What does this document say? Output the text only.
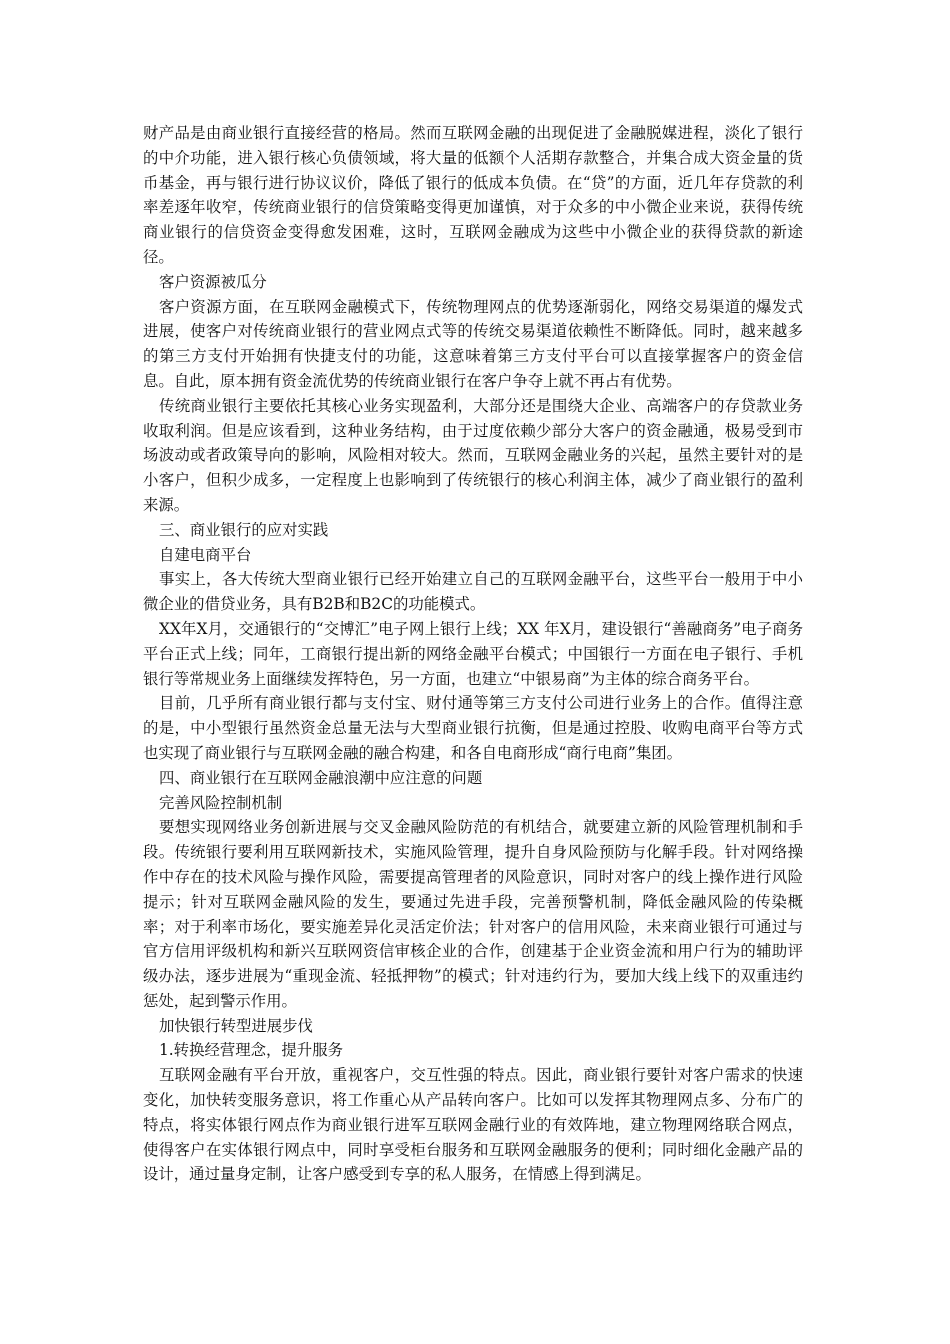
财产品是由商业银行直接经营的格局。然而互联网金融的出现促进了金融脱媒进程，淡化了银行的中介功能，进入银行核心负债领域，将大量的低额个人活期存款整合，并集合成大资金量的货币基金，再与银行进行协议议价，降低了银行的低成本负债。在“贷”的方面，近几年存贷款的利率差逐年收窄，传统商业银行的信贷策略变得更加谨慎，对于众多的中小微企业来说，获得传统商业银行的信贷资金变得愈发困难，这时，互联网金融成为这些中小微企业的获得贷款的新途径。

客户资源被瓜分

客户资源方面，在互联网金融模式下，传统物理网点的优势逐渐弱化，网络交易渠道的爆发式进展，使客户对传统商业银行的营业网点式等的传统交易渠道依赖性不断降低。同时，越来越多的第三方支付开始拥有快捷支付的功能，这意味着第三方支付平台可以直接掌握客户的资金信息。自此，原本拥有资金流优势的传统商业银行在客户争夺上就不再占有优势。

传统商业银行主要依托其核心业务实现盈利，大部分还是围绕大企业、高端客户的存贷款业务收取利润。但是应该看到，这种业务结构，由于过度依赖少部分大客户的资金融通，极易受到市场波动或者政策导向的影响，风险相对较大。然而，互联网金融业务的兴起，虽然主要针对的是小客户，但积少成多，一定程度上也影响到了传统银行的核心利润主体，减少了商业银行的盈利来源。

三、商业银行的应对实践

自建电商平台

事实上，各大传统大型商业银行已经开始建立自己的互联网金融平台，这些平台一般用于中小微企业的借贷业务，具有B2B和B2C的功能模式。

XX年X月，交通银行的“交博汇”电子网上银行上线；XX 年X月，建设银行“善融商务”电子商务平台正式上线；同年，工商银行提出新的网络金融平台模式；中国银行一方面在电子银行、手机银行等常规业务上面继续发挥特色，另一方面，也建立“中银易商”为主体的综合商务平台。

目前，几乎所有商业银行都与支付宝、财付通等第三方支付公司进行业务上的合作。值得注意的是，中小型银行虽然资金总量无法与大型商业银行抗衡，但是通过控股、收购电商平台等方式也实现了商业银行与互联网金融的融合构建，和各自电商形成“商行电商”集团。

四、商业银行在互联网金融浪潮中应注意的问题

完善风险控制机制

要想实现网络业务创新进展与交叉金融风险防范的有机结合，就要建立新的风险管理机制和手段。传统银行要利用互联网新技术，实施风险管理，提升自身风险预防与化解手段。针对网络操作中存在的技术风险与操作风险，需要提高管理者的风险意识，同时对客户的线上操作进行风险提示；针对互联网金融风险的发生，要通过先进手段，完善预警机制，降低金融风险的传染概率；对于利率市场化，要实施差异化灵活定价法；针对客户的信用风险，未来商业银行可通过与官方信用评级机构和新兴互联网资信审核企业的合作，创建基于企业资金流和用户行为的辅助评级办法，逐步进展为“重现金流、轻抵押物”的模式；针对违约行为，要加大线上线下的双重违约惩处，起到警示作用。

加快银行转型进展步伐

1.转换经营理念，提升服务

互联网金融有平台开放，重视客户，交互性强的特点。因此，商业银行要针对客户需求的快速变化，加快转变服务意识，将工作重心从产品转向客户。比如可以发挥其物理网点多、分布广的特点，将实体银行网点作为商业银行进军互联网金融行业的有效阵地，建立物理网络联合网点，使得客户在实体银行网点中，同时享受柜台服务和互联网金融服务的便利；同时细化金融产品的设计，通过量身定制，让客户感受到专享的私人服务，在情感上得到满足。
